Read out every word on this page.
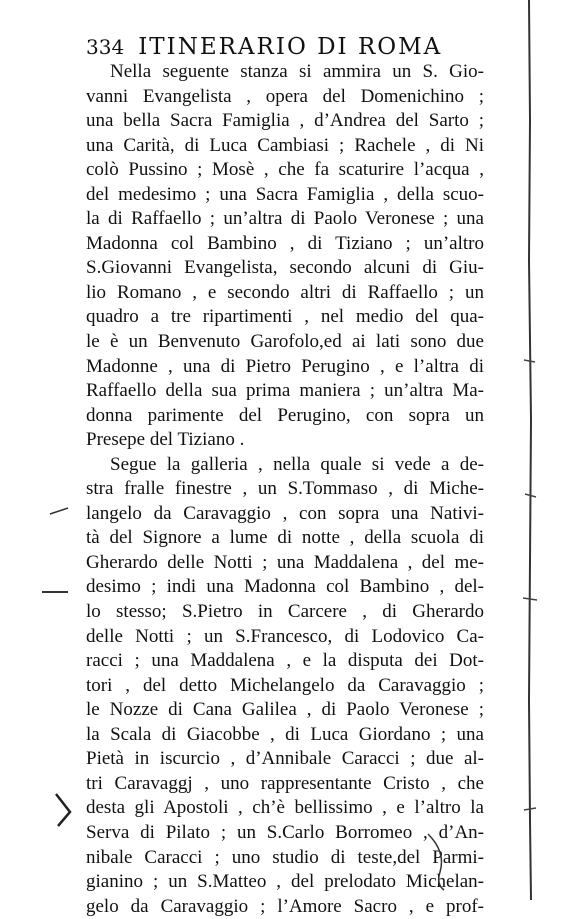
334 ITINERARIO DI ROMA
Nella seguente stanza si ammira un S. Gio-
vanni Evangelista , opera del Domenichino ;
una bella Sacra Famiglia , d’Andrea del Sarto ;
una Carità, di Luca Cambiasi ; Rachele , di Ni
colò Pussino ; Mosè , che fa scaturire l’acqua ,
del medesimo ; una Sacra Famiglia , della scuo-
la di Raffaello ; un’altra di Paolo Veronese ; una
Madonna col Bambino , di Tiziano ; un’altro
S.Giovanni Evangelista, secondo alcuni di Giu-
lio Romano , e secondo altri di Raffaello ; un
quadro a tre ripartimenti , nel medio del qua-
le è un Benvenuto Garofolo,ed ai lati sono due
Madonne , una di Pietro Perugino , e l’altra di
Raffaello della sua prima maniera ; un’altra Ma-
donna parimente del Perugino, con sopra un
Presepe del Tiziano .
Segue la galleria , nella quale si vede a de-
stra fralle finestre , un S.Tommaso , di Miche-
langelo da Caravaggio , con sopra una Nativi-
tà del Signore a lume di notte , della scuola di
Gherardo delle Notti ; una Maddalena , del me-
desimo ; indi una Madonna col Bambino , del-
lo stesso; S.Pietro in Carcere , di Gherardo
delle Notti ; un S.Francesco, di Lodovico Ca-
racci ; una Maddalena , e la disputa dei Dot-
tori , del detto Michelangelo da Caravaggio ;
le Nozze di Cana Galilea , di Paolo Veronese ;
la Scala di Giacobbe , di Luca Giordano ; una
Pietà in iscurcio , d’Annibale Caracci ; due al-
tri Caravaggj , uno rappresentante Cristo , che
desta gli Apostoli , ch’è bellissimo , e l’altro la
Serva di Pilato ; un S.Carlo Borromeo , d’An-
nibale Caracci ; uno studio di teste,del Parmi-
gianino ; un S.Matteo , del prelodato Michelan-
gelo da Caravaggio ; l’Amore Sacro , e prof-
